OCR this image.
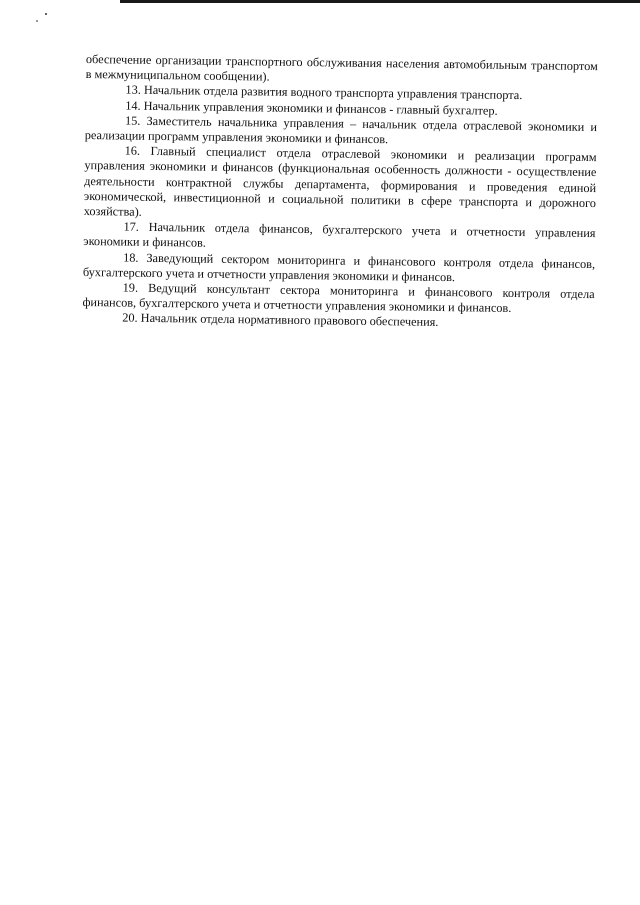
обеспечение организации транспортного обслуживания населения автомобильным транспортом в межмуниципальном сообщении).

13. Начальник отдела развития водного транспорта управления транспорта.

14. Начальник управления экономики и финансов - главный бухгалтер.

15. Заместитель начальника управления – начальник отдела отраслевой экономики и реализации программ управления экономики и финансов.

16. Главный специалист отдела отраслевой экономики и реализации программ управления экономики и финансов (функциональная особенность должности - осуществление деятельности контрактной службы департамента, формирования и проведения единой экономической, инвестиционной и социальной политики в сфере транспорта и дорожного хозяйства).

17. Начальник отдела финансов, бухгалтерского учета и отчетности управления экономики и финансов.

18. Заведующий сектором мониторинга и финансового контроля отдела финансов, бухгалтерского учета и отчетности управления экономики и финансов.

19. Ведущий консультант сектора мониторинга и финансового контроля отдела финансов, бухгалтерского учета и отчетности управления экономики и финансов.

20. Начальник отдела нормативного правового обеспечения.
